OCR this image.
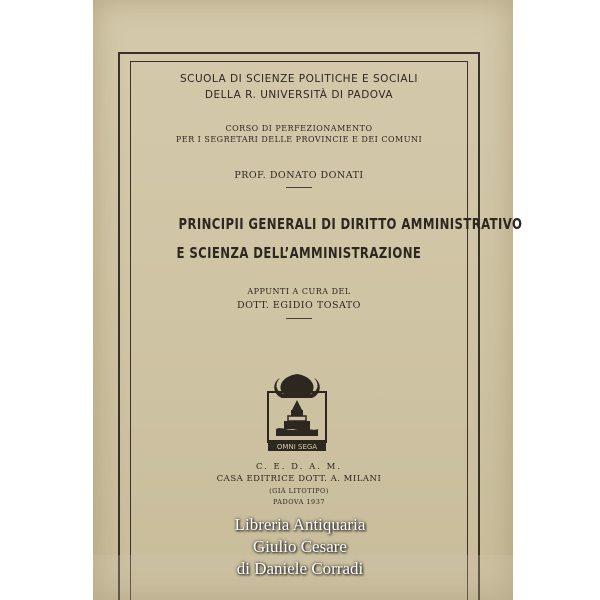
SCUOLA DI SCIENZE POLITICHE E SOCIALI
DELLA R. UNIVERSITÀ DI PADOVA
CORSO DI PERFEZIONAMENTO
PER I SEGRETARI DELLE PROVINCIE E DEI COMUNI
PROF. DONATO DONATI
PRINCIPII GENERALI DI DIRITTO AMMINISTRATIVO
E SCIENZA DELL’AMMINISTRAZIONE
APPUNTI A CURA DEL
DOTT. EGIDIO TOSATO
OMNI SEGA
C. E. D. A. M.
CASA EDITRICE DOTT. A. MILANI
(GIÀ LITOTIPO)
PADOVA 1937
Libreria Antiquaria
Giulio Cesare
di Daniele Corradi
